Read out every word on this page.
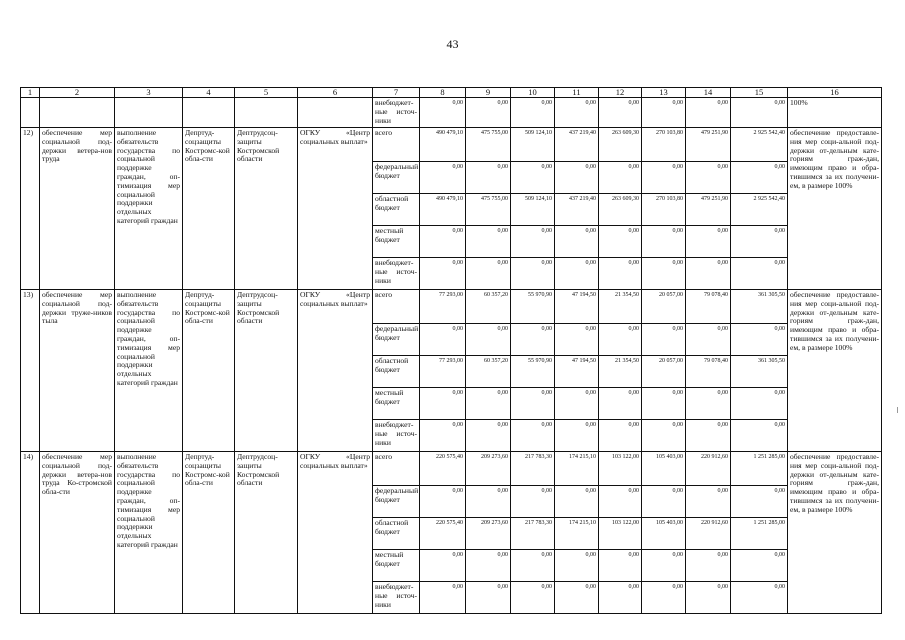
43
1	2	3	4	5	6	7	8	9	10	11	12	13	14	15	16
						внебюджет-ные источ-ники	0,00	0,00	0,00	0,00	0,00	0,00	0,00	0,00	100%
12)	обеспечение мер социальной под-держки ветера-нов труда	выполнение обязательств государства по социальной поддержке граждан, оп-тимизация мер социальной поддержки отдельных категорий граждан	Депртуд-соцзащиты Костромс-кой обла-сти	Дептрудсоц-защиты Костромской области	ОГКУ «Центр социальных выплат»	всего	490 479,10	475 755,00	509 124,10	437 219,40	263 609,30	270 103,80	479 251,90	2 925 542,40	обеспечение предоставле-ния мер соци-альной под-держки от-дельным кате-гориям граж-дан, имеющим право и обра-тившимся за их получени-ем, в размере 100%
						федеральный бюджет	0,00	0,00	0,00	0,00	0,00	0,00	0,00	0,00	
						областной бюджет	490 479,10	475 755,00	509 124,10	437 219,40	263 609,30	270 103,80	479 251,90	2 925 542,40	
						местный бюджет	0,00	0,00	0,00	0,00	0,00	0,00	0,00	0,00	
						внебюджет-ные источ-ники	0,00	0,00	0,00	0,00	0,00	0,00	0,00	0,00	
13)	обеспечение мер социальной под-держки труже-ников тыла	выполнение обязательств государства по социальной поддержке граждан, оп-тимизация мер социальной поддержки отдельных категорий граждан	Депртуд-соцзащиты Костромс-кой обла-сти	Дептрудсоц-защиты Костромской области	ОГКУ «Центр социальных выплат»	всего	77 293,00	60 357,20	55 970,90	47 194,50	21 354,50	20 057,00	79 078,40	361 305,50	обеспечение предоставле-ния мер соци-альной под-держки от-дельным кате-гориям граж-дан, имеющим право и обра-тившимся за их получени-ем, в размере 100%
						федеральный бюджет	0,00	0,00	0,00	0,00	0,00	0,00	0,00	0,00	
						областной бюджет	77 293,00	60 357,20	55 970,90	47 194,50	21 354,50	20 057,00	79 078,40	361 305,50	
						местный бюджет	0,00	0,00	0,00	0,00	0,00	0,00	0,00	0,00	
						внебюджет-ные источ-ники	0,00	0,00	0,00	0,00	0,00	0,00	0,00	0,00	
14)	обеспечение мер социальной под-держки ветера-нов труда Ко-стромской обла-сти	выполнение обязательств государства по социальной поддержке граждан, оп-тимизация мер социальной поддержки отдельных категорий граждан	Депртуд-соцзащиты Костромс-кой обла-сти	Дептрудсоц-защиты Костромской области	ОГКУ «Центр социальных выплат»	всего	220 575,40	209 273,60	217 783,30	174 215,10	103 122,00	105 403,00	220 912,60	1 251 285,00	обеспечение предоставле-ния мер соци-альной под-держки от-дельным кате-гориям граж-дан, имеющим право и обра-тившимся за их получени-ем, в размере 100%
						федеральный бюджет	0,00	0,00	0,00	0,00	0,00	0,00	0,00	0,00	
						областной бюджет	220 575,40	209 273,60	217 783,30	174 215,10	103 122,00	105 403,00	220 912,60	1 251 285,00	
						местный бюджет	0,00	0,00	0,00	0,00	0,00	0,00	0,00	0,00	
						внебюджет-ные источ-ники	0,00	0,00	0,00	0,00	0,00	0,00	0,00	0,00	
